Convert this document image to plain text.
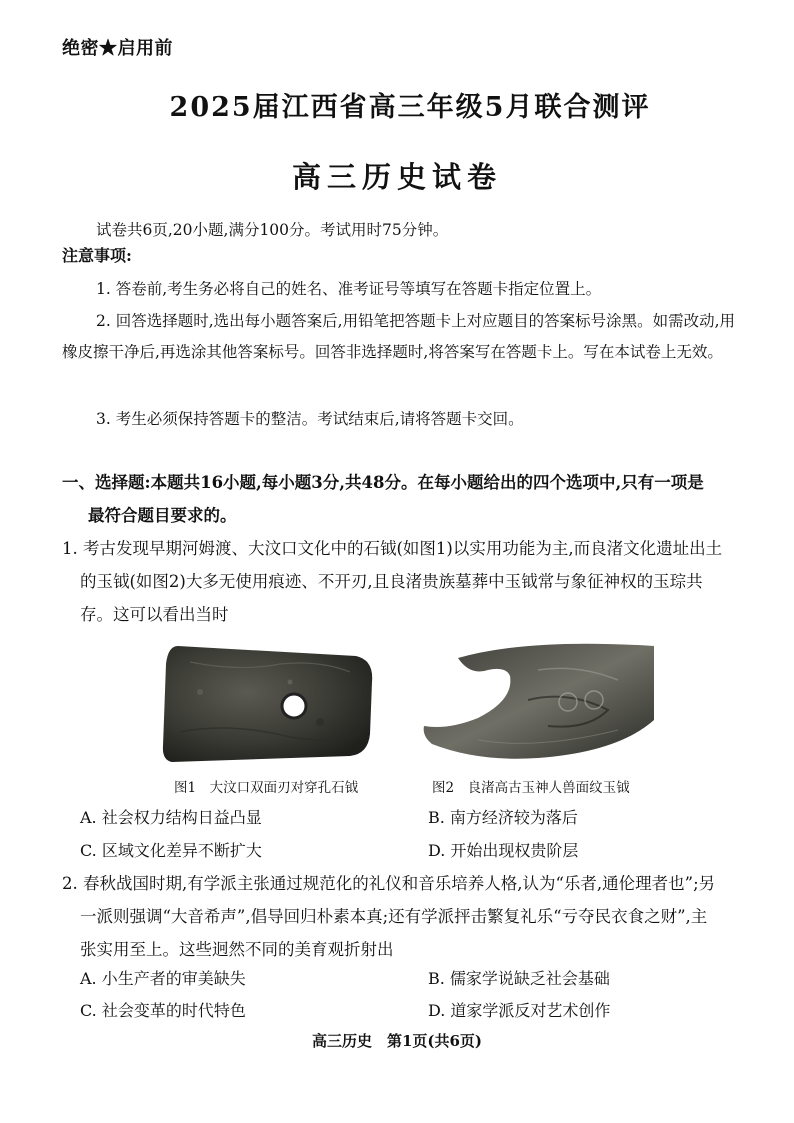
绝密★启用前
2025届江西省高三年级5月联合测评
高三历史试卷
试卷共6页,20小题,满分100分。考试用时75分钟。
注意事项:
1. 答卷前,考生务必将自己的姓名、准考证号等填写在答题卡指定位置上。
2. 回答选择题时,选出每小题答案后,用铅笔把答题卡上对应题目的答案标号涂黑。如需改动,用橡皮擦干净后,再选涂其他答案标号。回答非选择题时,将答案写在答题卡上。写在本试卷上无效。
3. 考生必须保持答题卡的整洁。考试结束后,请将答题卡交回。
一、选择题:本题共16小题,每小题3分,共48分。在每小题给出的四个选项中,只有一项是
最符合题目要求的。
1. 考古发现早期河姆渡、大汶口文化中的石钺(如图1)以实用功能为主,而良渚文化遗址出土
的玉钺(如图2)大多无使用痕迹、不开刃,且良渚贵族墓葬中玉钺常与象征神权的玉琮共
存。这可以看出当时
图1　大汶口双面刃对穿孔石钺	图2　良渚高古玉神人兽面纹玉钺
A. 社会权力结构日益凸显	B. 南方经济较为落后
C. 区域文化差异不断扩大	D. 开始出现权贵阶层
2. 春秋战国时期,有学派主张通过规范化的礼仪和音乐培养人格,认为“乐者,通伦理者也”;另
一派则强调“大音希声”,倡导回归朴素本真;还有学派抨击繁复礼乐“亏夺民衣食之财”,主
张实用至上。这些迥然不同的美育观折射出
A. 小生产者的审美缺失	B. 儒家学说缺乏社会基础
C. 社会变革的时代特色	D. 道家学派反对艺术创作
高三历史　第1页(共6页)
